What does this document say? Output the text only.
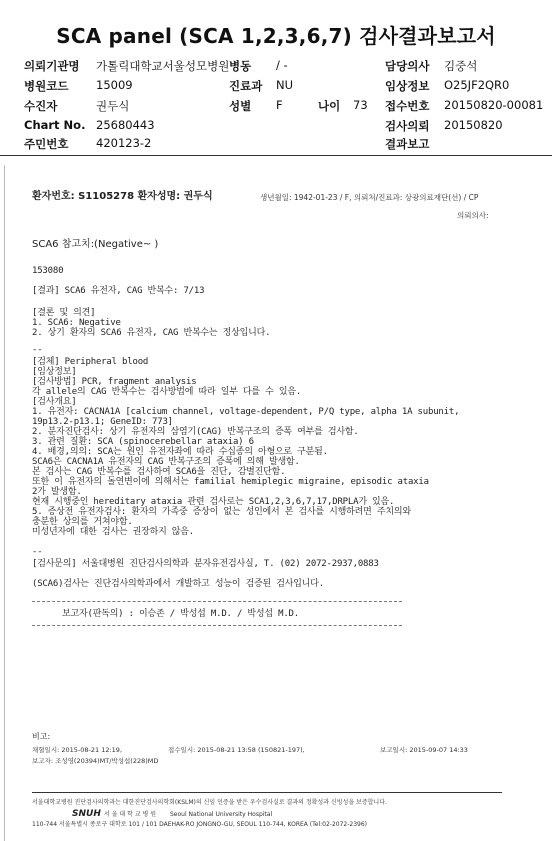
SCA panel (SCA 1,2,3,6,7) 검사결과보고서
의뢰기관명 가톨릭대학교서울성모병원 병동 / -	담당의사 김중석
병원코드 15009	진료과 NU	임상정보 O25JF2QR0
수진자	권두식	성별 F	나이 73 접수번호 20150820-00081
Chart No. 25680443	검사의뢰 20150820
주민번호 420123-2	결과보고
환자번호: S1105278 환자성명: 권두식	생년월일: 1942-01-23 / F, 의뢰처/진료과: 상광의료재단(선) / CP
의뢰의사:
SCA6 참고치:(Negative~ )
153080
[결과] SCA6 유전자, CAG 반복수: 7/13
[결론 및 의견]
1. SCA6: Negative
2. 상기 환자의 SCA6 유전자, CAG 반복수는 정상입니다.
--
[검체] Peripheral blood
[임상정보]
[검사방법] PCR, fragment analysis
각 allele의 CAG 반복수는 검사방법에 따라 일부 다를 수 있음.
[검사개요]
1. 유전자: CACNA1A [calcium channel, voltage-dependent, P/Q type, alpha 1A subunit,
19p13.2-p13.1; GeneID: 773]
2. 분자진단검사: 상기 유전자의 삼염기(CAG) 반복구조의 증폭 여부를 검사함.
3. 관련 질환: SCA (spinocerebellar ataxia) 6
4. 배경,의의: SCA는 원인 유전자좌에 따라 수십종의 아형으로 구분됨.
SCA6은 CACNA1A 유전자의 CAG 반복구조의 증폭에 의해 발생함.
본 검사는 CAG 반복수를 검사하여 SCA6을 진단, 감별진단함.
또한 이 유전자의 돌연변이에 의해서는 familial hemiplegic migraine, episodic ataxia
2가 발생함.
현재 시행중인 hereditary ataxia 관련 검사로는 SCA1,2,3,6,7,17,DRPLA가 있음.
5. 증상전 유전자검사: 환자의 가족중 증상이 없는 성인에서 본 검사를 시행하려면 주치의와
충분한 상의를 거쳐야함.
미성년자에 대한 검사는 권장하지 않음.
--
[검사문의] 서울대병원 진단검사의학과 분자유전검사실, T. (02) 2072-2937,0883
(SCA6)검사는 진단검사의학과에서 개발하고 성능이 검증된 검사입니다.
보고자(판독의) : 이승존 / 박성섭 M.D. / 박성섭 M.D.
비고:
채혈일시: 2015-08-21 12:19,	접수일시: 2015-08-21 13:58 (150821-197),	보고일시: 2015-09-07 14:33
보고자: 조성영(20394)MT/박성섭(228)MD
서울대학교병원 진단검사의학과는 대한진단검사의학회(KSLM)의 신임 인증을 받은 우수검사실로 결과의 정확성과 신빙성을 보증합니다.
SNUH 서 울 대 학 교 병 원 Seoul National University Hospital
110-744 서울특별시 종로구 대학로 101 / 101 DAEHAK-RO JONGNO-GU, SEOUL 110-744, KOREA (Tel:02-2072-2396)
